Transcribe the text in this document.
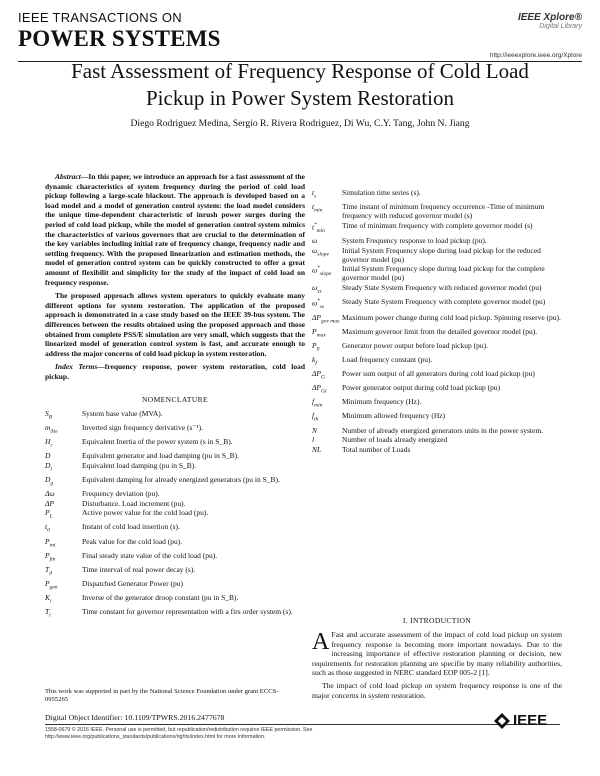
IEEE TRANSACTIONS ON
POWER SYSTEMS
IEEE Xplore®
Digital Library
http://ieeexplore.ieee.org/Xplore
Fast Assessment of Frequency Response of Cold Load Pickup in Power System Restoration
Diego Rodriguez Medina, Sergio R. Rivera Rodriguez, Di Wu, C.Y. Tang, John N. Jiang

Abstract—In this paper, we introduce an approach for a fast assessment of the dynamic characteristics of system frequency during the period of cold load pickup following a large-scale blackout. The approach is developed based on a load model and a model of generation control system: the load model considers the unique time-dependent characteristic of inrush power surges during the period of cold load pickup, while the model of generation control system mimics the characteristics of various governors that are crucial to the determination of the key variables including initial rate of frequency change, frequency nadir and settling frequency. With the proposed linearization and estimation methods, the model of generation control system can be quickly constructed to offer a great amount of flexibilit and simplicity for the study of the impact of cold load on frequency response.

The proposed approach allows system operators to quickly evaluate many different options for system restoration. The application of the proposed approach is demonstrated in a case study based on the IEEE 39-bus system. The differences between the results obtained using the proposed approach and those obtained from complete PSS/E simulation are very small, which suggests that the linearized model of generation control system is fast, and accurate enough to address the major concerns of cold load pickup in system restoration.

Index Terms—frequency response, power system restoration, cold load pickup.

NOMENCLATURE
$S_B$	System base value (MVA).
$m_{\Delta\omega}$	Inverted sign frequency derivative (s⁻¹).
$H_c$	Equivalent Inertia of the power system (s in S_B).
D	Equivalent generator and load damping (pu in S_B).
$D_l$	Equivalent load damping (pu in S_B).
$D_g$	Equivalent damping for already energized generators (pu in S_B).
Δω	Frequency deviation (pu).
ΔP	Disturbance. Load increment (pu).
$P_L$	Active power value for the cold load (pu).
$t_0$	Instant of cold load insertion (s).
$P_{ini}$	Peak value for the cold load (pu).
$P_{fin}$	Final steady state value of the cold load (pu).
$T_d$	Time interval of real power decay (s).
$P_{gen}$	Dispatched Generator Power (pu)
$K_i$	Inverse of the generator droop constant (pu in S_B).
$T_i$	Time constant for governor representation with a firs order system (s).
$t_s$	Simulation time series (s).
$t_{min}$	Time instant of minimum frequency occurrence -Time of minimum frequency with reduced governor model (s)
$t^*_{min}$	Time of minimum frequency with complete governor model (s)
ω	System Frequency response to load pickup (pu).
$\omega_{slope}$	Initial System Frequency slope during load pickup for the reduced governor model (pu)
$\omega^*_{slope}$	Initial System Frequency slope during load pickup for the complete governor model (pu)
$\omega_{ss}$	Steady State System Frequency with reduced governor model (pu)
$\omega^*_{ss}$	Steady State System Frequency with complete governor model (pu)
$\Delta P_{gov max}$	Maximum power change during cold load pickup. Spinning reserve (pu).
$P_{max}$	Maximum governor limit from the detailed governor model (pu).
$P_0$	Generator power output before load pickup (pu).
$k_f$	Load frequency constant (pu).
$\Delta P_G$	Power sum output of all generators during cold load pickup (pu)
$\Delta P_{Gi}$	Power generator output during cold load pickup (pu)
$f_{min}$	Minimum frequency (Hz).
$f_{th}$	Minimum allowed frequency (Hz)
N	Number of already energized generators units in the power system.
l	Number of loads already energized
NL	Total number of Loads
I. INTRODUCTION

A Fast and accurate assessment of the impact of cold load pickup on system frequency response is becoming more important nowadays. Due to the increasing importance of effective restoration planning or decision, new requirements for restoration planning are specifie by many reliability authorities, such as those suggested in NERC standard EOP 005-2 [1].

The impact of cold load pickup on system frequency response is one of the major concerns in system restoration.

This work was supported in part by the National Science Foundation under grant ECCS-0955265
Digital Object Identifier: 10.1109/TPWRS.2016.2477678
1558-0679 © 2016 IEEE. Personal use is permitted, but republication/redistribution requires IEEE permission. See http://www.ieee.org/publications_standards/publications/rights/index.html for more information.
IEEE
